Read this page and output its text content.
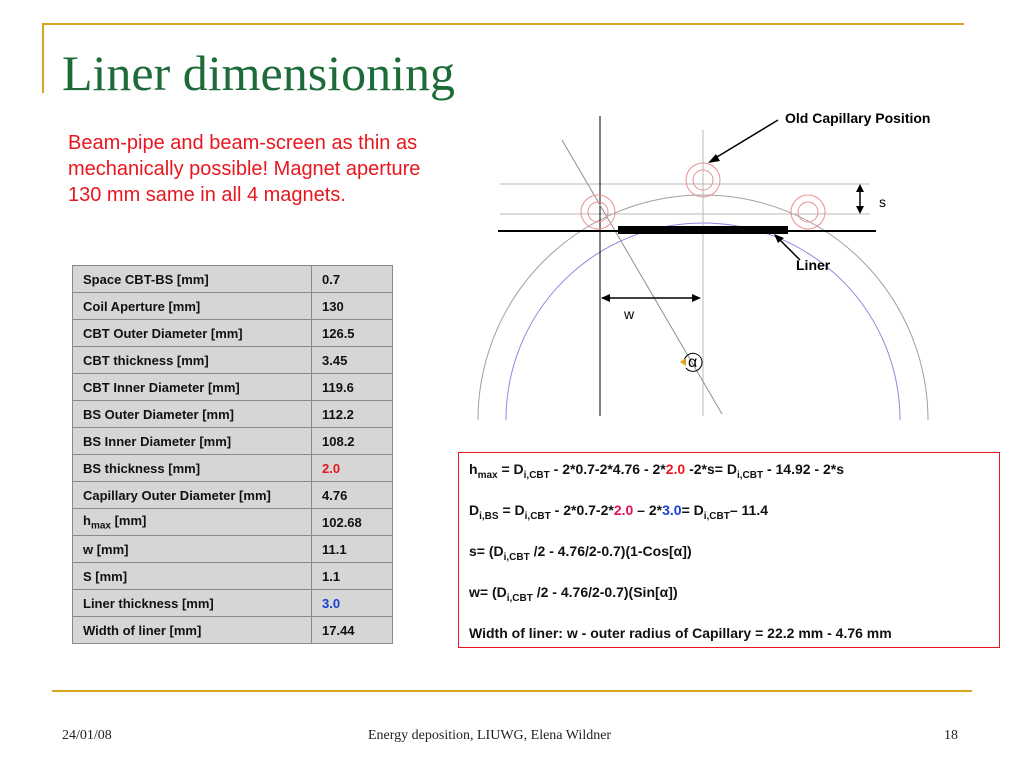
Liner dimensioning
Beam-pipe and beam-screen as thin as mechanically possible! Magnet aperture 130 mm same in all 4 magnets.
Space CBT-BS [mm]	0.7
Coil Aperture [mm]	130
CBT Outer Diameter [mm]	126.5
CBT thickness [mm]	3.45
CBT Inner Diameter [mm]	119.6
BS Outer Diameter [mm]	112.2
BS Inner Diameter [mm]	108.2
BS thickness [mm]	2.0
Capillary Outer Diameter [mm]	4.76
$h_{max}$ [mm]	102.68
w [mm]	11.1
S [mm]	1.1
Liner thickness [mm]	3.0
Width of liner [mm]	17.44
Old Capillary Position
s
Liner
w
α
$h_{max} = D_{i,CBT} - 2*0.7-2*4.76 - 2*2.0$ $-2*s= D_{i,CBT} - 14.92 - 2*s$
$D_{i,BS} = D_{i,CBT} - 2*0.7-2*2.0 - 2*3.0= D_{i,CBT}-$ 11.4
$s= (D_{i,CBT}$ /2 - 4.76/2-0.7)(1-Cos[α])
$w= (D_{i,CBT}$ /2 - 4.76/2-0.7)(Sin[α])
Width of liner: w - outer radius of Capillary = 22.2 mm - 4.76 mm
24/01/08	Energy deposition, LIUWG, Elena Wildner	18
